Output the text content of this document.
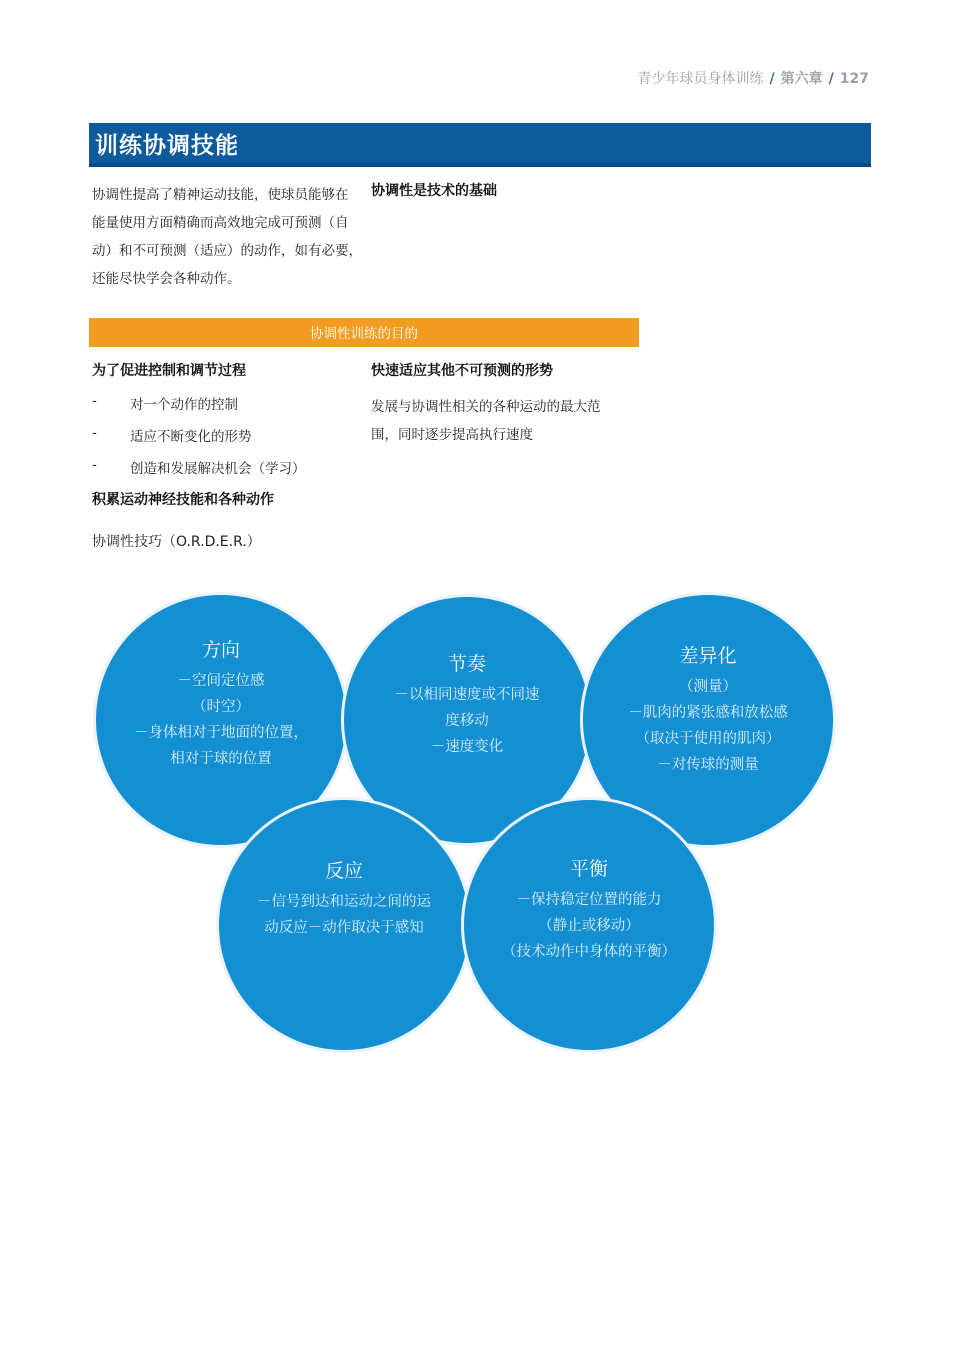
青少年球员身体训练 / 第六章 / 127
训练协调技能
协调性提高了精神运动技能，使球员能够在
能量使用方面精确而高效地完成可预测（自
动）和不可预测（适应）的动作，如有必要，
还能尽快学会各种动作。
协调性是技术的基础
协调性训练的目的
为了促进控制和调节过程
- 对一个动作的控制
- 适应不断变化的形势
- 创造和发展解决机会（学习）
积累运动神经技能和各种动作
快速适应其他不可预测的形势
发展与协调性相关的各种运动的最大范
围，同时逐步提高执行速度
协调性技巧（O.R.D.E.R.）
方向
－空间定位感
（时空）
－身体相对于地面的位置，
相对于球的位置
节奏
－以相同速度或不同速
度移动
－速度变化
差异化
（测量）
－肌肉的紧张感和放松感
（取决于使用的肌肉）
－对传球的测量
反应
－信号到达和运动之间的运
动反应－动作取决于感知
平衡
－保持稳定位置的能力
（静止或移动）
（技术动作中身体的平衡）
